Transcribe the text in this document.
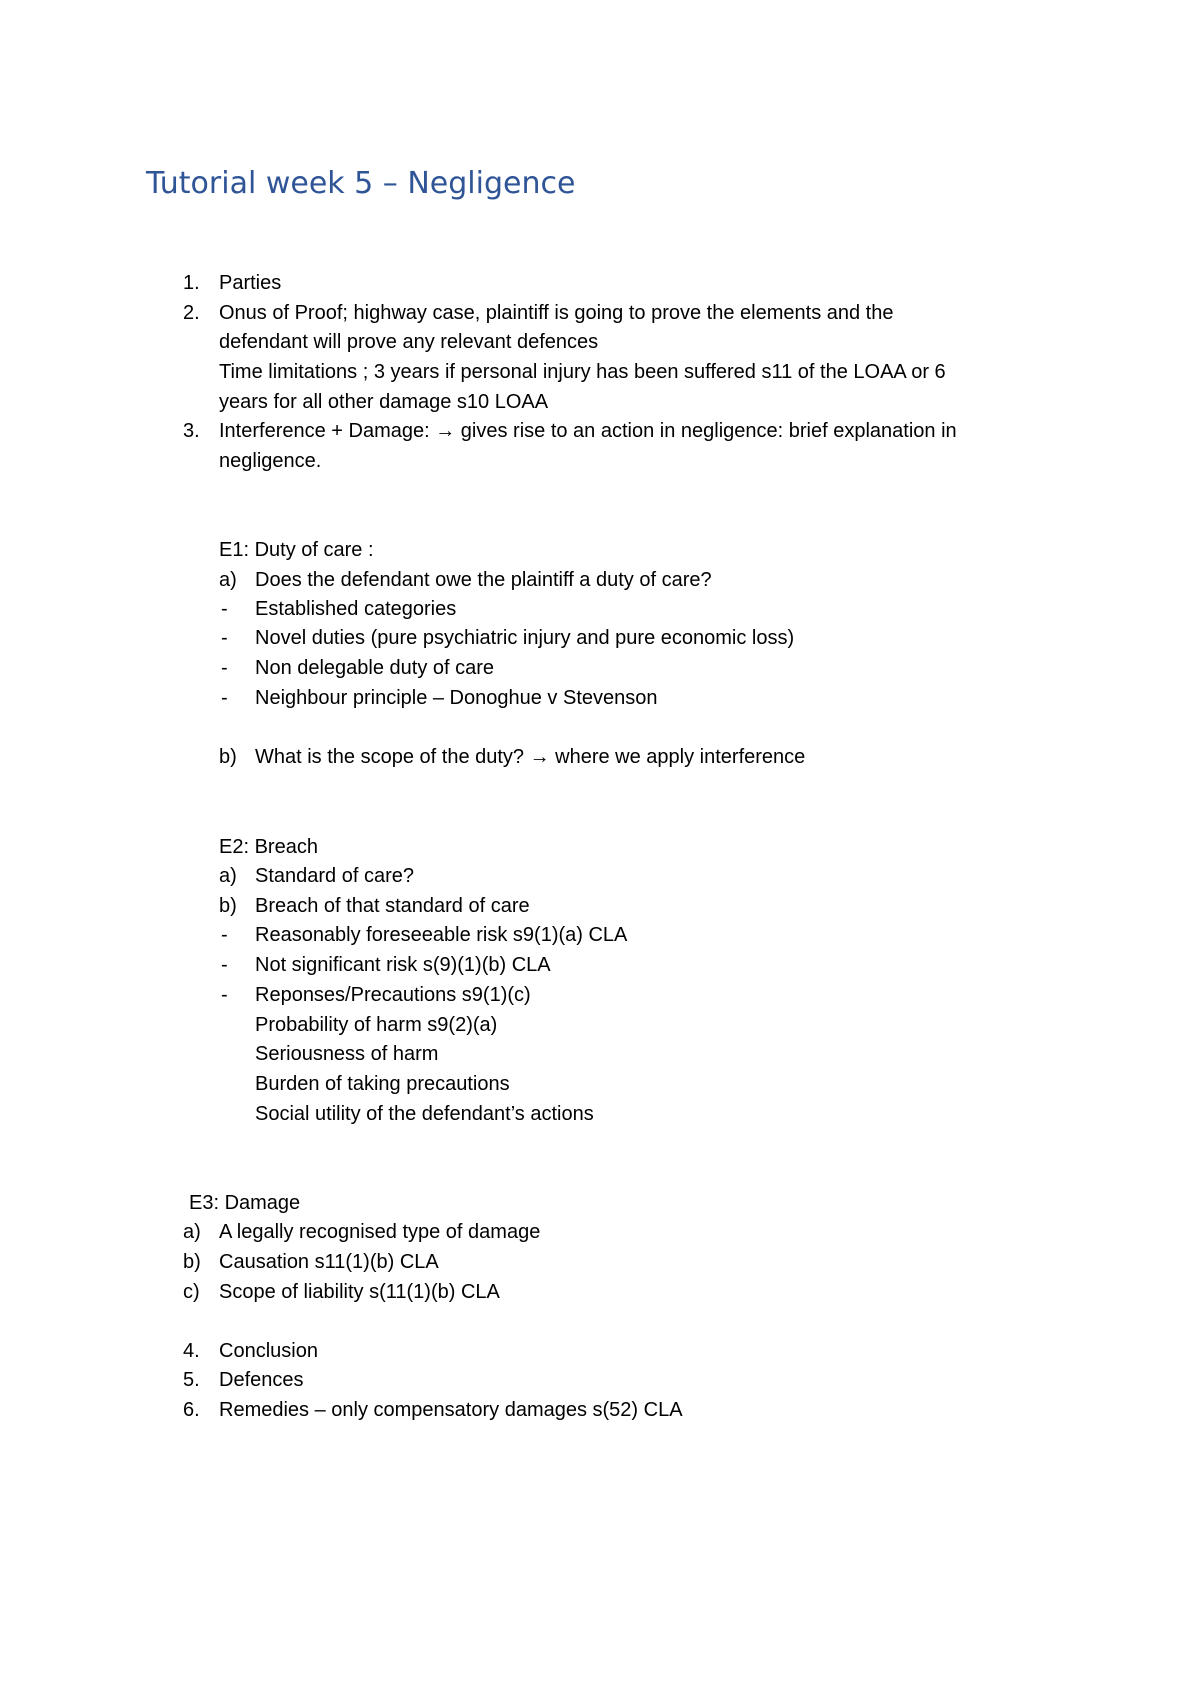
Tutorial week 5 – Negligence
1. Parties
2. Onus of Proof; highway case, plaintiff is going to prove the elements and the
defendant will prove any relevant defences
Time limitations ; 3 years if personal injury has been suffered s11 of the LOAA or 6
years for all other damage s10 LOAA
3. Interference + Damage: → gives rise to an action in negligence: brief explanation in
negligence.
E1: Duty of care :
a) Does the defendant owe the plaintiff a duty of care?
- Established categories
- Novel duties (pure psychiatric injury and pure economic loss)
- Non delegable duty of care
- Neighbour principle – Donoghue v Stevenson
b) What is the scope of the duty? → where we apply interference
E2: Breach
a) Standard of care?
b) Breach of that standard of care
- Reasonably foreseeable risk s9(1)(a) CLA
- Not significant risk s(9)(1)(b) CLA
- Reponses/Precautions s9(1)(c)
Probability of harm s9(2)(a)
Seriousness of harm
Burden of taking precautions
Social utility of the defendant’s actions
E3: Damage
a) A legally recognised type of damage
b) Causation s11(1)(b) CLA
c) Scope of liability s(11(1)(b) CLA
4. Conclusion
5. Defences
6. Remedies – only compensatory damages s(52) CLA
